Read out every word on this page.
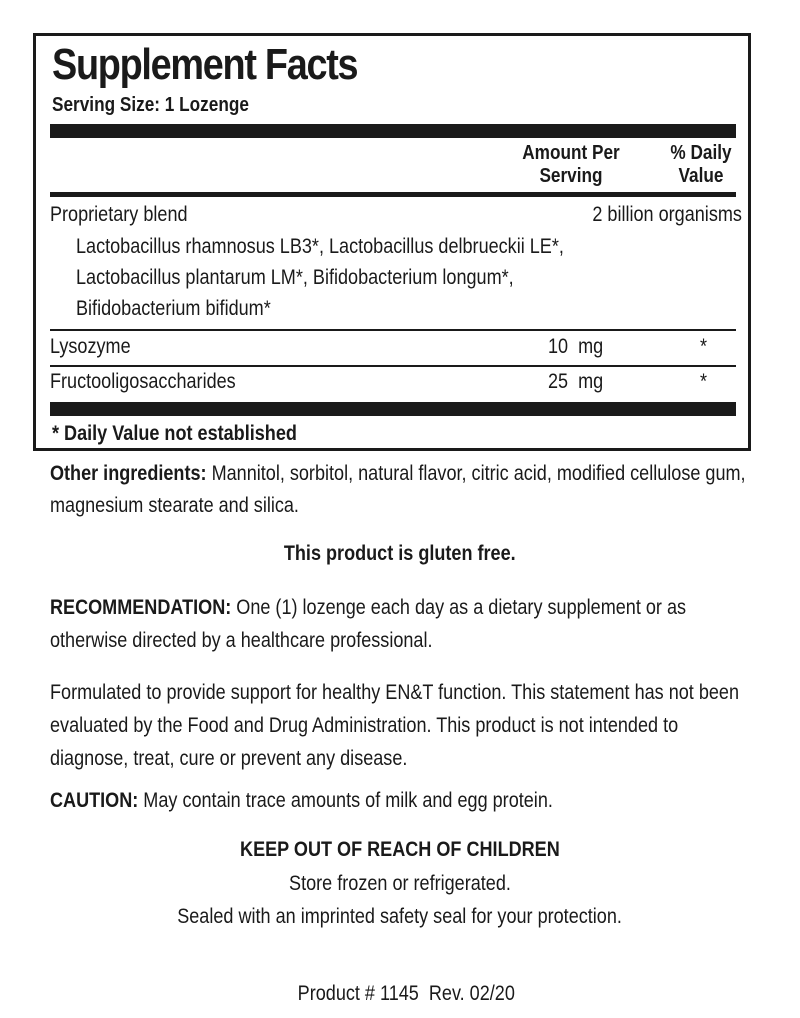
Supplement Facts
Serving Size: 1 Lozenge
Amount Per
Serving
% Daily
Value
Proprietary blend	2 billion organisms
Lactobacillus rhamnosus LB3*, Lactobacillus delbrueckii LE*,
Lactobacillus plantarum LM*, Bifidobacterium longum*,
Bifidobacterium bifidum*
Lysozyme	10  mg	*
Fructooligosaccharides	25  mg	*
* Daily Value not established
Other ingredients: Mannitol, sorbitol, natural flavor, citric acid, modified cellulose gum, magnesium stearate and silica.
This product is gluten free.
RECOMMENDATION: One (1) lozenge each day as a dietary supplement or as otherwise directed by a healthcare professional.
Formulated to provide support for healthy EN&T function. This statement has not been evaluated by the Food and Drug Administration. This product is not intended to diagnose, treat, cure or prevent any disease.
CAUTION: May contain trace amounts of milk and egg protein.
KEEP OUT OF REACH OF CHILDREN
Store frozen or refrigerated.
Sealed with an imprinted safety seal for your protection.

Product # 1145  Rev. 02/20
